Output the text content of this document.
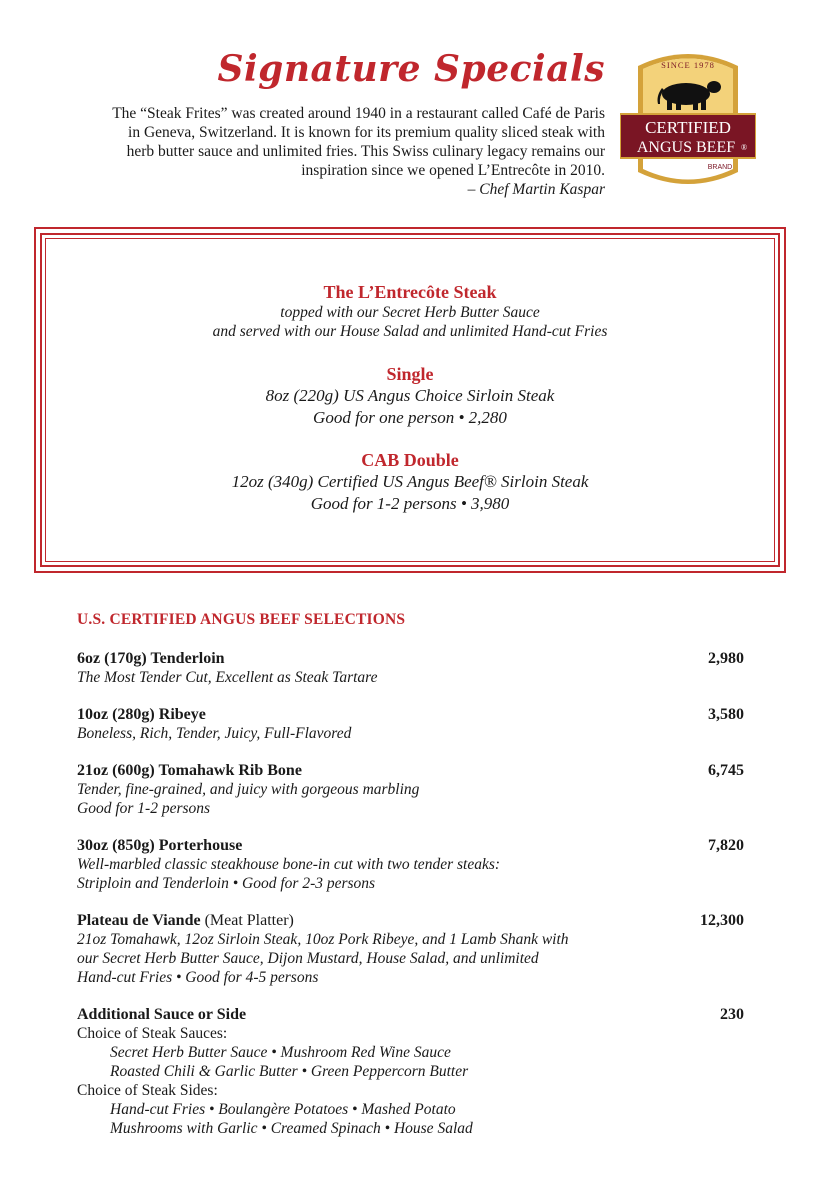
Signature Specials

The “Steak Frites” was created around 1940 in a restaurant called Café de Paris

in Geneva, Switzerland. It is known for its premium quality sliced steak with

herb butter sauce and unlimited fries. This Swiss culinary legacy remains our

inspiration since we opened L’Entrecôte in 2010.

– Chef Martin Kaspar

SINCE 1978
CERTIFIED
ANGUS BEEF ®
BRAND
The L’Entrecôte Steak
topped with our Secret Herb Butter Sauce
and served with our House Salad and unlimited Hand-cut Fries
Single
8oz (220g) US Angus Choice Sirloin Steak
Good for one person • 2,280
CAB Double
12oz (340g) Certified US Angus Beef® Sirloin Steak
Good for 1-2 persons • 3,980
U.S. CERTIFIED ANGUS BEEF SELECTIONS
6oz (170g) Tenderloin	2,980
The Most Tender Cut, Excellent as Steak Tartare
10oz (280g) Ribeye	3,580
Boneless, Rich, Tender, Juicy, Full-Flavored
21oz (600g) Tomahawk Rib Bone	6,745
Tender, fine-grained, and juicy with gorgeous marbling
Good for 1-2 persons
30oz (850g) Porterhouse	7,820
Well-marbled classic steakhouse bone-in cut with two tender steaks:
Striploin and Tenderloin • Good for 2-3 persons
Plateau de Viande (Meat Platter)	12,300
21oz Tomahawk, 12oz Sirloin Steak, 10oz Pork Ribeye, and 1 Lamb Shank with
our Secret Herb Butter Sauce, Dijon Mustard, House Salad, and unlimited
Hand-cut Fries • Good for 4-5 persons
Additional Sauce or Side	230
Choice of Steak Sauces:
Secret Herb Butter Sauce • Mushroom Red Wine Sauce
Roasted Chili & Garlic Butter • Green Peppercorn Butter
Choice of Steak Sides:
Hand-cut Fries • Boulangère Potatoes • Mashed Potato
Mushrooms with Garlic • Creamed Spinach • House Salad
